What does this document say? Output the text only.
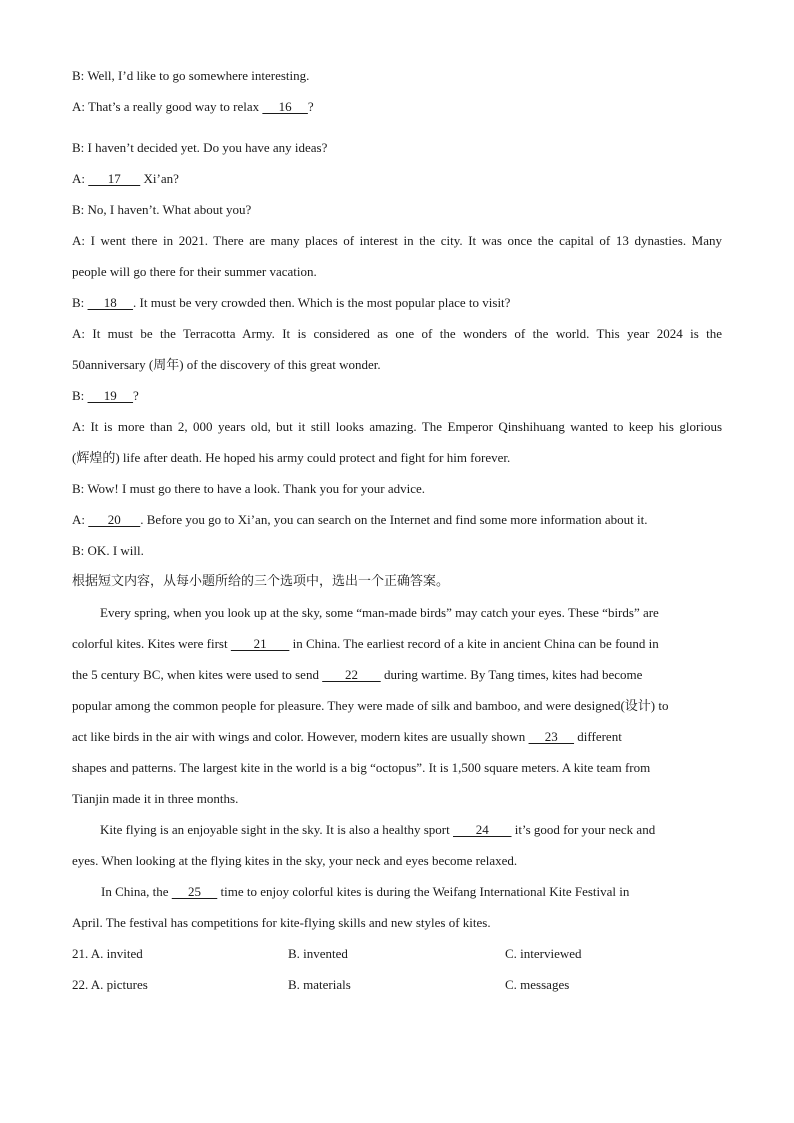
B: Well, I’d like to go somewhere interesting.
A: That’s a really good way to relax      16     ?
B: I haven’t decided yet. Do you have any ideas?
A:       17       Xi’an?
B: No, I haven’t. What about you?
A: I went there in 2021. There are many places of interest in the city. It was once the capital of 13 dynasties. Many
people will go there for their summer vacation.
B:      18     . It must be very crowded then. Which is the most popular place to visit?
A: It must be the Terracotta Army. It is considered as one of the wonders of the world. This year 2024 is the
50anniversary (周年) of the discovery of this great wonder.
B:      19     ?
A: It is more than 2, 000 years old, but it still looks amazing. The Emperor Qinshihuang wanted to keep his glorious
(辉煌的) life after death. He hoped his army could protect and fight for him forever.
B: Wow! I must go there to have a look. Thank you for your advice.
A:       20      . Before you go to Xi’an, you can search on the Internet and find some more information about it.
B: OK. I will.
根据短文内容，从每小题所给的三个选项中，选出一个正确答案。
Every spring, when you look up at the sky, some “man-made birds” may catch your eyes. These “birds” are
colorful kites. Kites were first        21        in China. The earliest record of a kite in ancient China can be found in
the 5 century BC, when kites were used to send        22        during wartime. By Tang times, kites had become
popular among the common people for pleasure. They were made of silk and bamboo, and were designed(设计) to
act like birds in the air with wings and color. However, modern kites are usually shown      23      different
shapes and patterns. The largest kite in the world is a big “octopus”. It is 1,500 square meters. A kite team from
Tianjin made it in three months.
Kite flying is an enjoyable sight in the sky. It is also a healthy sport        24        it’s good for your neck and
eyes. When looking at the flying kites in the sky, your neck and eyes become relaxed.
In China, the      25      time to enjoy colorful kites is during the Weifang International Kite Festival in
April. The festival has competitions for kite-flying skills and new styles of kites.
21. A. invited	B. invented	C. interviewed
22. A. pictures	B. materials	C. messages
